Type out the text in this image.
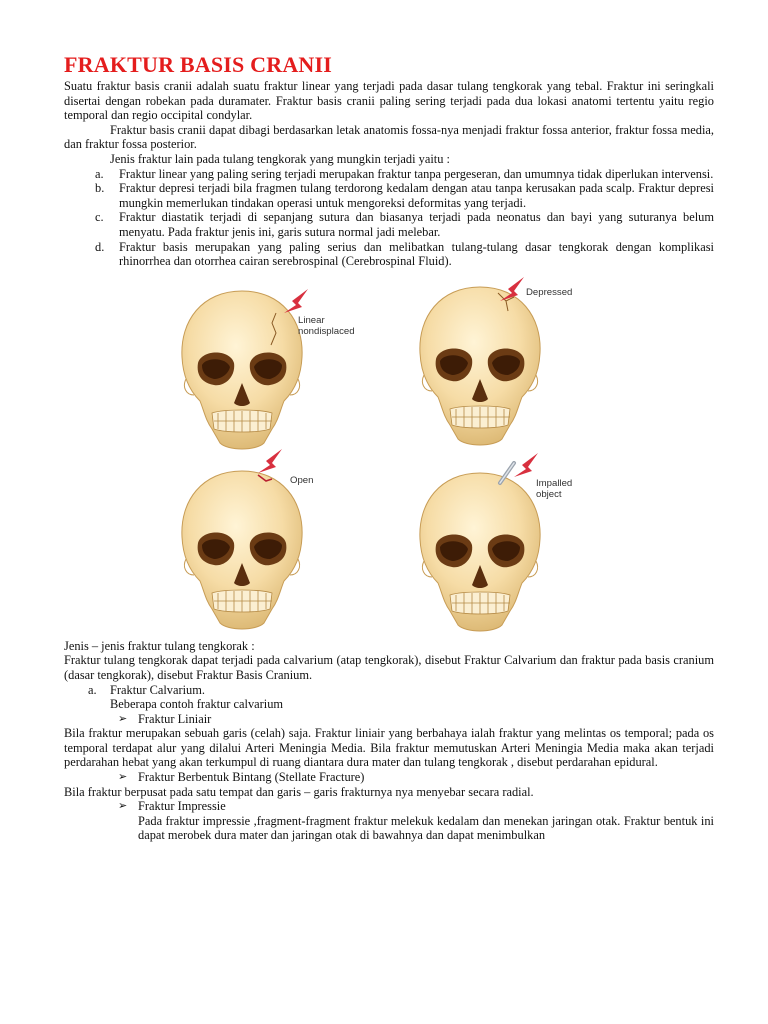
FRAKTUR BASIS CRANII

Suatu fraktur basis cranii adalah suatu fraktur linear yang terjadi pada dasar tulang tengkorak yang tebal. Fraktur ini seringkali disertai dengan robekan pada duramater. Fraktur basis cranii paling sering terjadi pada dua lokasi anatomi tertentu yaitu regio temporal dan regio occipital condylar.

Fraktur basis cranii dapat dibagi berdasarkan letak anatomis fossa-nya menjadi fraktur fossa anterior, fraktur fossa media, dan fraktur fossa posterior.

Jenis fraktur lain pada tulang tengkorak yang mungkin terjadi yaitu :

a. Fraktur linear yang paling sering terjadi merupakan fraktur tanpa pergeseran, dan umumnya tidak diperlukan intervensi.
b. Fraktur depresi terjadi bila fragmen tulang terdorong kedalam dengan atau tanpa kerusakan pada scalp. Fraktur depresi mungkin memerlukan tindakan operasi untuk mengoreksi deformitas yang terjadi.
c. Fraktur diastatik terjadi di sepanjang sutura dan biasanya terjadi pada neonatus dan bayi yang suturanya belum menyatu. Pada fraktur jenis ini, garis sutura normal jadi melebar.
d. Fraktur basis merupakan yang paling serius dan melibatkan tulang-tulang dasar tengkorak dengan komplikasi rhinorrhea dan otorrhea cairan serebrospinal (Cerebrospinal Fluid).
Linear
nondisplaced
Depressed
Open	Impalled
object

Jenis – jenis fraktur tulang tengkorak :

Fraktur tulang tengkorak dapat terjadi pada calvarium (atap tengkorak), disebut Fraktur Calvarium dan fraktur pada basis cranium (dasar tengkorak), disebut Fraktur Basis Cranium.

a. Fraktur Calvarium.
Beberapa contoh fraktur calvarium
➢ Fraktur Liniair

Bila fraktur merupakan sebuah garis (celah) saja. Fraktur liniair yang berbahaya ialah fraktur yang melintas os temporal; pada os temporal terdapat alur yang dilalui Arteri Meningia Media. Bila fraktur memutuskan Arteri Meningia Media maka akan terjadi perdarahan hebat yang akan terkumpul di ruang diantara dura mater dan tulang tengkorak , disebut perdarahan epidural.

➢ Fraktur Berbentuk Bintang (Stellate Fracture)

Bila fraktur berpusat pada satu tempat dan garis – garis frakturnya nya menyebar secara radial.

➢ Fraktur Impressie
Pada fraktur impressie ,fragment-fragment fraktur melekuk kedalam dan menekan jaringan otak. Fraktur bentuk ini dapat merobek dura mater dan jaringan otak di bawahnya dan dapat menimbulkan
